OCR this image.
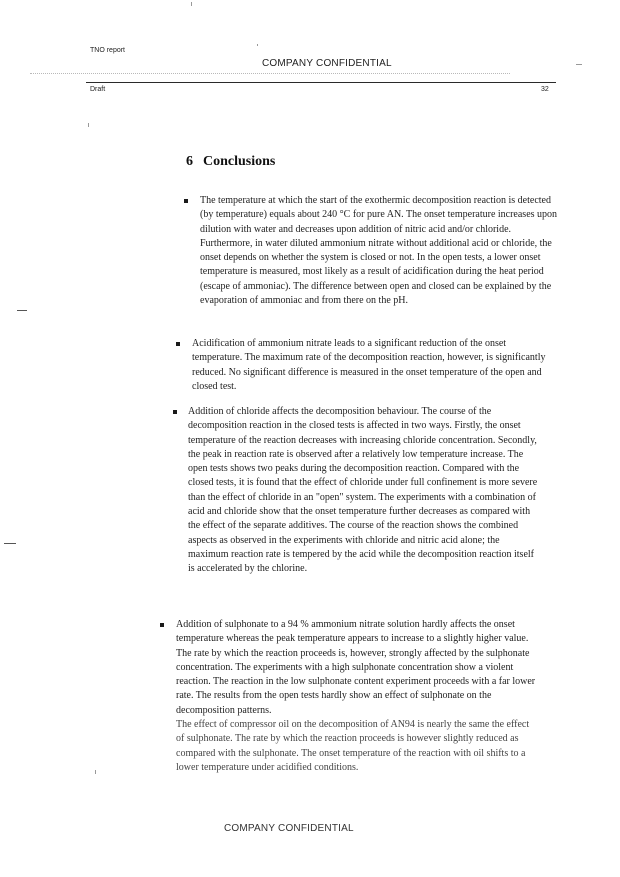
TNO report
COMPANY CONFIDENTIAL
Draft	32
6 Conclusions
The temperature at which the start of the exothermic decomposition reaction is detected (by temperature) equals about 240 °C for pure AN. The onset temperature increases upon dilution with water and decreases upon addition of nitric acid and/or chloride. Furthermore, in water diluted ammonium nitrate without additional acid or chloride, the onset depends on whether the system is closed or not. In the open tests, a lower onset temperature is measured, most likely as a result of acidification during the heat period (escape of ammoniac). The difference between open and closed can be explained by the evaporation of ammoniac and from there on the pH.
Acidification of ammonium nitrate leads to a significant reduction of the onset temperature. The maximum rate of the decomposition reaction, however, is significantly reduced. No significant difference is measured in the onset temperature of the open and closed test.
Addition of chloride affects the decomposition behaviour. The course of the decomposition reaction in the closed tests is affected in two ways. Firstly, the onset temperature of the reaction decreases with increasing chloride concentration. Secondly, the peak in reaction rate is observed after a relatively low temperature increase. The open tests shows two peaks during the decomposition reaction. Compared with the closed tests, it is found that the effect of chloride under full confinement is more severe than the effect of chloride in an "open" system. The experiments with a combination of acid and chloride show that the onset temperature further decreases as compared with the effect of the separate additives. The course of the reaction shows the combined aspects as observed in the experiments with chloride and nitric acid alone; the maximum reaction rate is tempered by the acid while the decomposition reaction itself is accelerated by the chlorine.
Addition of sulphonate to a 94 % ammonium nitrate solution hardly affects the onset temperature whereas the peak temperature appears to increase to a slightly higher value. The rate by which the reaction proceeds is, however, strongly affected by the sulphonate concentration. The experiments with a high sulphonate concentration show a violent reaction. The reaction in the low sulphonate content experiment proceeds with a far lower rate. The results from the open tests hardly show an effect of sulphonate on the decomposition patterns.
The effect of compressor oil on the decomposition of AN94 is nearly the same the effect of sulphonate. The rate by which the reaction proceeds is however slightly reduced as compared with the sulphonate. The onset temperature of the reaction with oil shifts to a lower temperature under acidified conditions.
COMPANY CONFIDENTIAL
